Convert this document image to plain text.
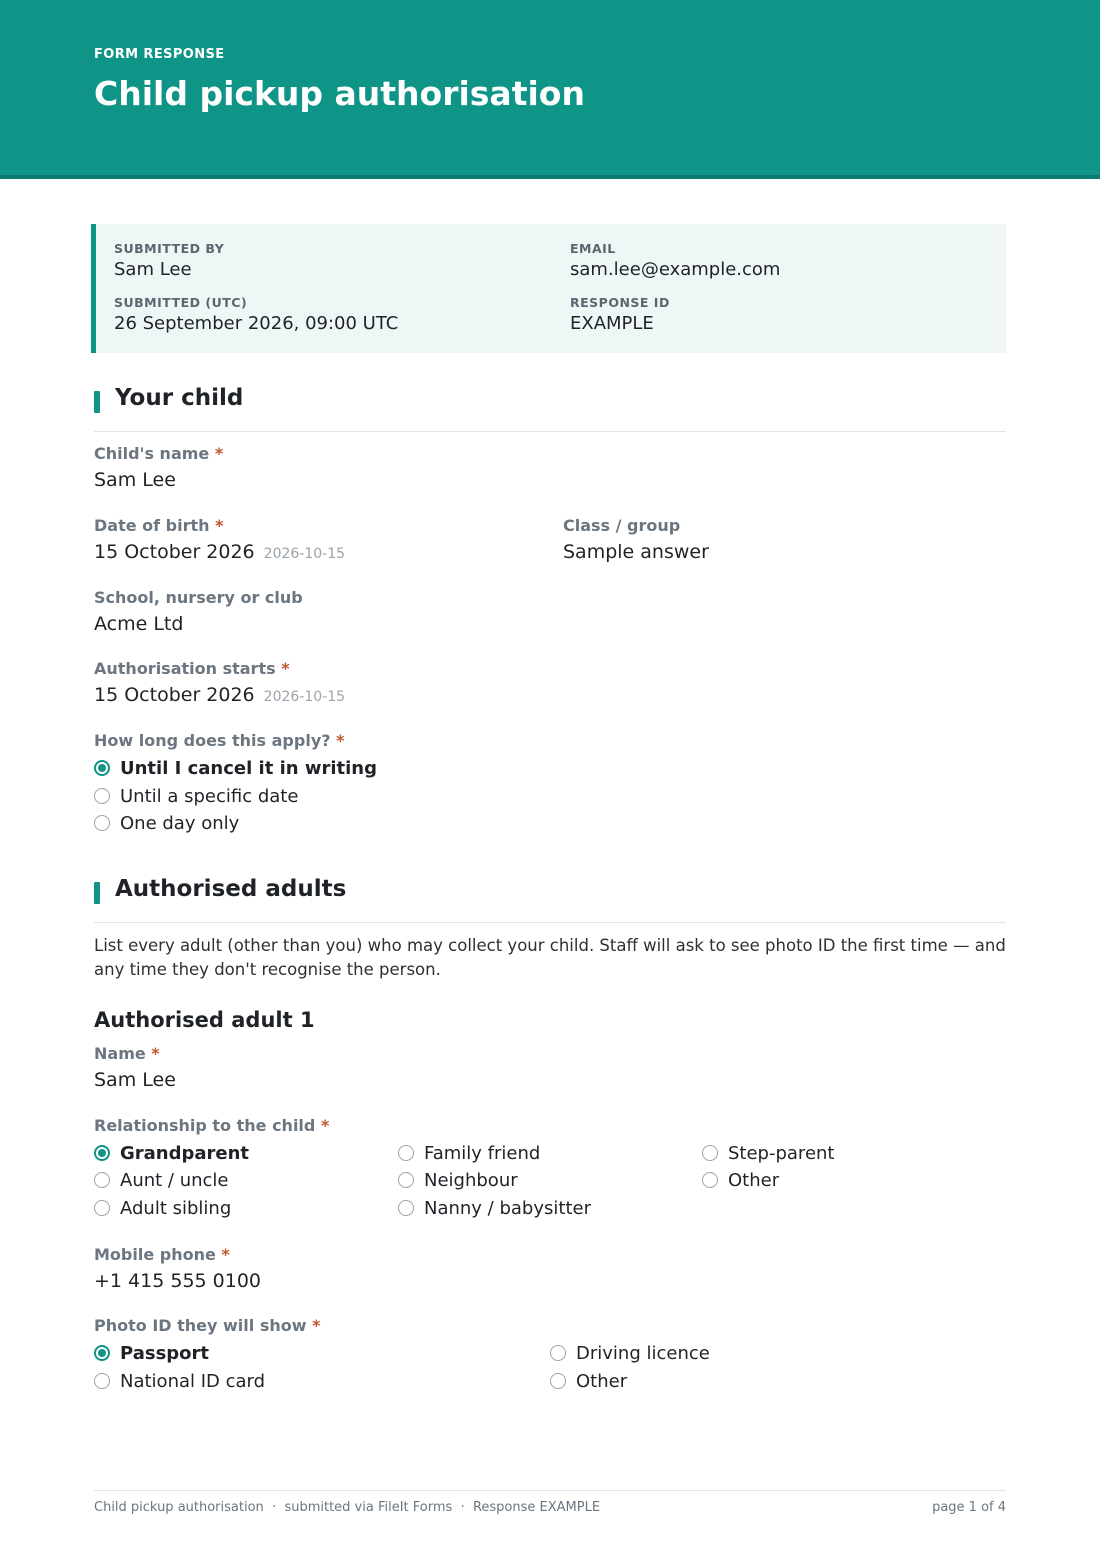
FORM RESPONSE
Child pickup authorisation
SUBMITTED BY
Sam Lee
EMAIL
sam.lee@example.com
SUBMITTED (UTC)
26 September 2026, 09:00 UTC
RESPONSE ID
EXAMPLE
Your child
Child's name *
Sam Lee
Date of birth *
15 October 2026 2026-10-15
Class / group
Sample answer
School, nursery or club
Acme Ltd
Authorisation starts *
15 October 2026 2026-10-15
How long does this apply? *
Until I cancel it in writing
Until a specific date
One day only
Authorised adults
List every adult (other than you) who may collect your child. Staff will ask to see photo ID the first time — and any time they don't recognise the person.
Authorised adult 1
Name *
Sam Lee
Relationship to the child *
Grandparent
Aunt / uncle
Adult sibling
Family friend
Neighbour
Nanny / babysitter
Step-parent
Other
Mobile phone *
+1 415 555 0100
Photo ID they will show *
Passport
National ID card
Driving licence
Other
Child pickup authorisation  ·  submitted via FileIt Forms  ·  Response EXAMPLE	page 1 of 4
